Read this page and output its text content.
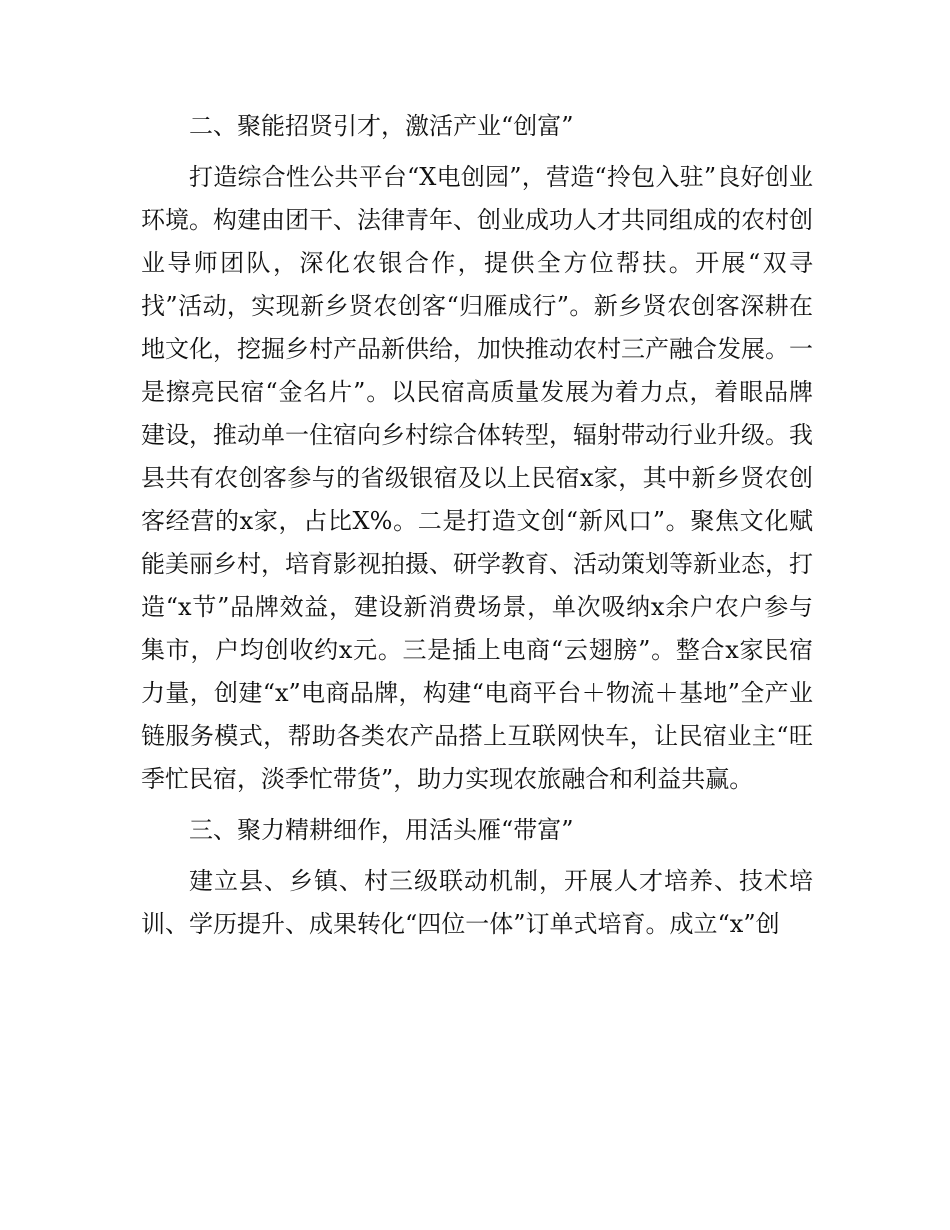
二、聚能招贤引才，激活产业“创富”

打造综合性公共平台“X电创园”，营造“拎包入驻”良好创业环境。构建由团干、法律青年、创业成功人才共同组成的农村创业导师团队，深化农银合作，提供全方位帮扶。开展“双寻找”活动，实现新乡贤农创客“归雁成行”。新乡贤农创客深耕在地文化，挖掘乡村产品新供给，加快推动农村三产融合发展。一是擦亮民宿“金名片”。以民宿高质量发展为着力点，着眼品牌建设，推动单一住宿向乡村综合体转型，辐射带动行业升级。我县共有农创客参与的省级银宿及以上民宿x家，其中新乡贤农创客经营的x家，占比X%。二是打造文创“新风口”。聚焦文化赋能美丽乡村，培育影视拍摄、研学教育、活动策划等新业态，打造“x节”品牌效益，建设新消费场景，单次吸纳x余户农户参与集市，户均创收约x元。三是插上电商“云翅膀”。整合x家民宿力量，创建“x”电商品牌，构建“电商平台＋物流＋基地”全产业链服务模式，帮助各类农产品搭上互联网快车，让民宿业主“旺季忙民宿，淡季忙带货”，助力实现农旅融合和利益共赢。

三、聚力精耕细作，用活头雁“带富”

建立县、乡镇、村三级联动机制，开展人才培养、技术培训、学历提升、成果转化“四位一体”订单式培育。成立“x”创
